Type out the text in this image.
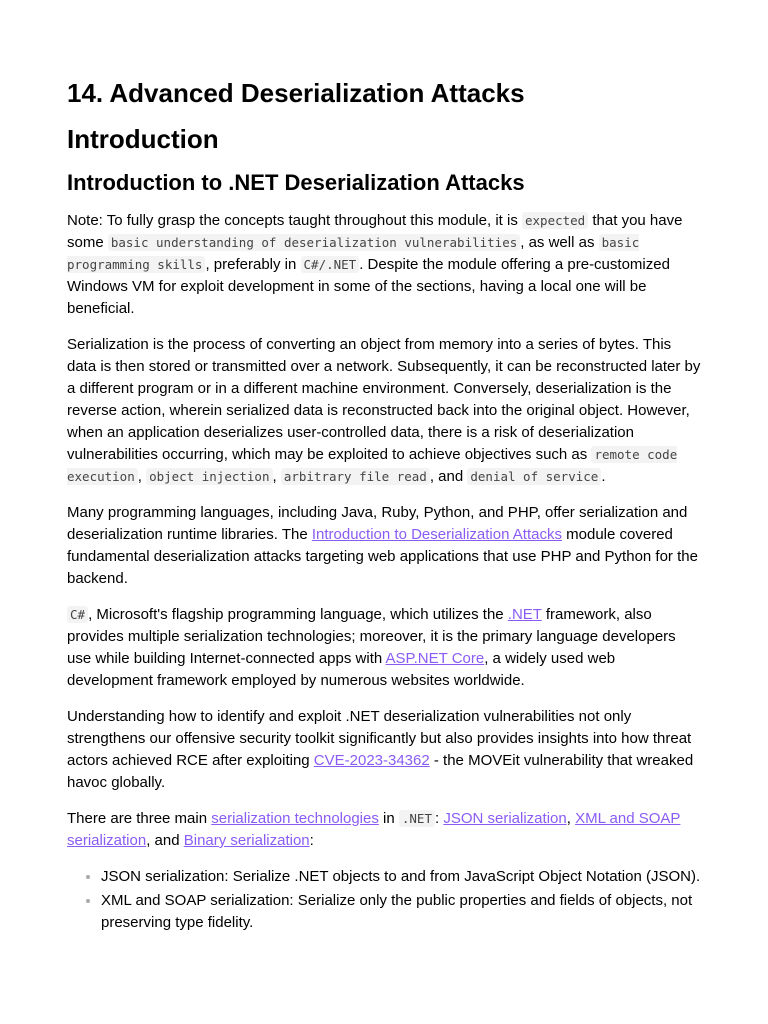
14. Advanced Deserialization Attacks
Introduction
Introduction to .NET Deserialization Attacks

Note: To fully grasp the concepts taught throughout this module, it is expected that you have some basic understanding of deserialization vulnerabilities , as well as basic programming skills , preferably in C#/.NET . Despite the module offering a pre-customized Windows VM for exploit development in some of the sections, having a local one will be beneficial.

Serialization is the process of converting an object from memory into a series of bytes. This data is then stored or transmitted over a network. Subsequently, it can be reconstructed later by a different program or in a different machine environment. Conversely, deserialization is the reverse action, wherein serialized data is reconstructed back into the original object. However, when an application deserializes user-controlled data, there is a risk of deserialization vulnerabilities occurring, which may be exploited to achieve objectives such as remote code execution , object injection , arbitrary file read , and denial of service .

Many programming languages, including Java, Ruby, Python, and PHP, offer serialization and deserialization runtime libraries. The Introduction to Deserialization Attacks module covered fundamental deserialization attacks targeting web applications that use PHP and Python for the backend.

C# , Microsoft's flagship programming language, which utilizes the .NET framework, also provides multiple serialization technologies; moreover, it is the primary language developers use while building Internet-connected apps with ASP.NET Core, a widely used web development framework employed by numerous websites worldwide.

Understanding how to identify and exploit .NET deserialization vulnerabilities not only strengthens our offensive security toolkit significantly but also provides insights into how threat actors achieved RCE after exploiting CVE-2023-34362 - the MOVEit vulnerability that wreaked havoc globally.

There are three main serialization technologies in .NET : JSON serialization, XML and SOAP serialization, and Binary serialization:

• JSON serialization: Serialize .NET objects to and from JavaScript Object Notation (JSON).
• XML and SOAP serialization: Serialize only the public properties and fields of objects, not preserving type fidelity.
